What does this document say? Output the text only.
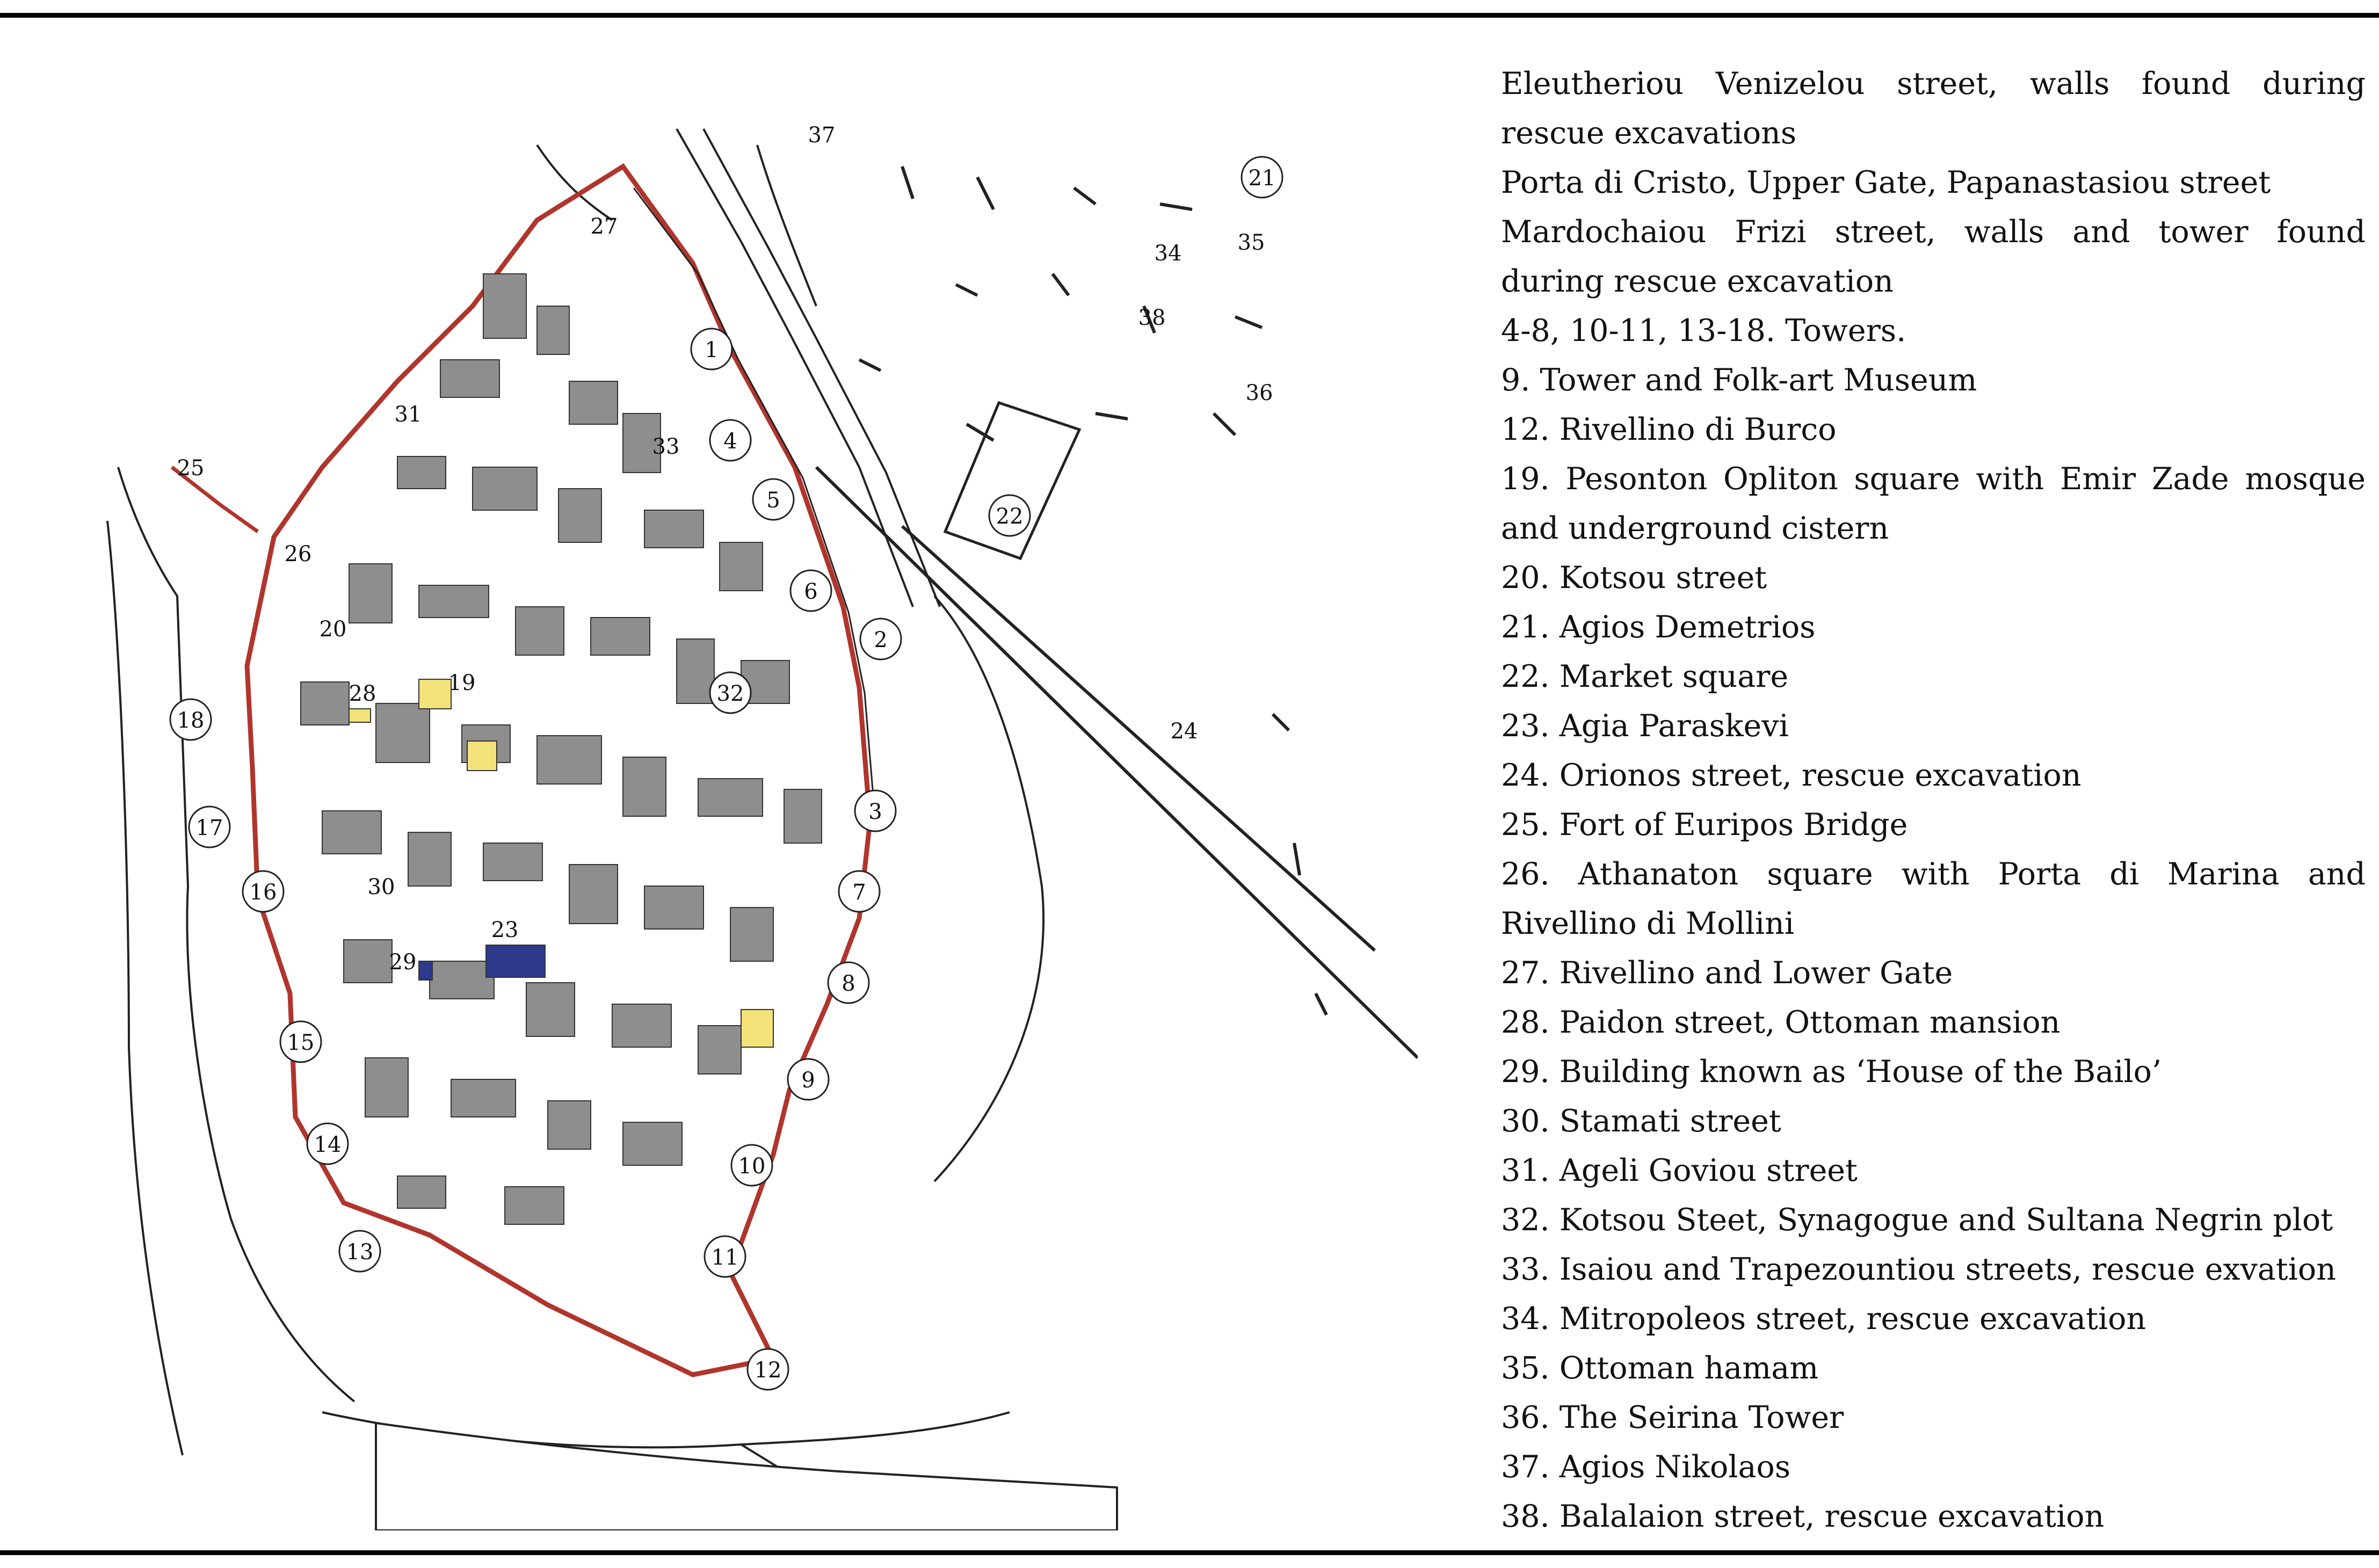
1
2
3
4
5
6
7
8
9
10
11
12
13
14
15
16
17
18
19
20
21
22
23
24
25
26
27
28
29
30
31
32
33
34	35
36
37
38

Eleutheriou Venizelou street, walls found during rescue excavations

Porta di Cristo, Upper Gate, Papanastasiou street

Mardochaiou Frizi street, walls and tower found during rescue excavation

4-8, 10-11, 13-18. Towers.

9. Tower and Folk-art Museum

12. Rivellino di Burco

19. Pesonton Opliton square with Emir Zade mosque and underground cistern

20. Kotsou street

21. Agios Demetrios

22. Market square

23. Agia Paraskevi

24. Orionos street, rescue excavation

25. Fort of Euripos Bridge

26. Athanaton square with Porta di Marina and Rivellino di Mollini

27. Rivellino and Lower Gate

28. Paidon street, Ottoman mansion

29. Building known as ‘House of the Bailo’

30. Stamati street

31. Ageli Goviou street

32. Kotsou Steet, Synagogue and Sultana Negrin plot

33. Isaiou and Trapezountiou streets, rescue exvation

34. Mitropoleos street, rescue excavation

35. Ottoman hamam

36. The Seirina Tower

37. Agios Nikolaos

38. Balalaion street, rescue excavation
